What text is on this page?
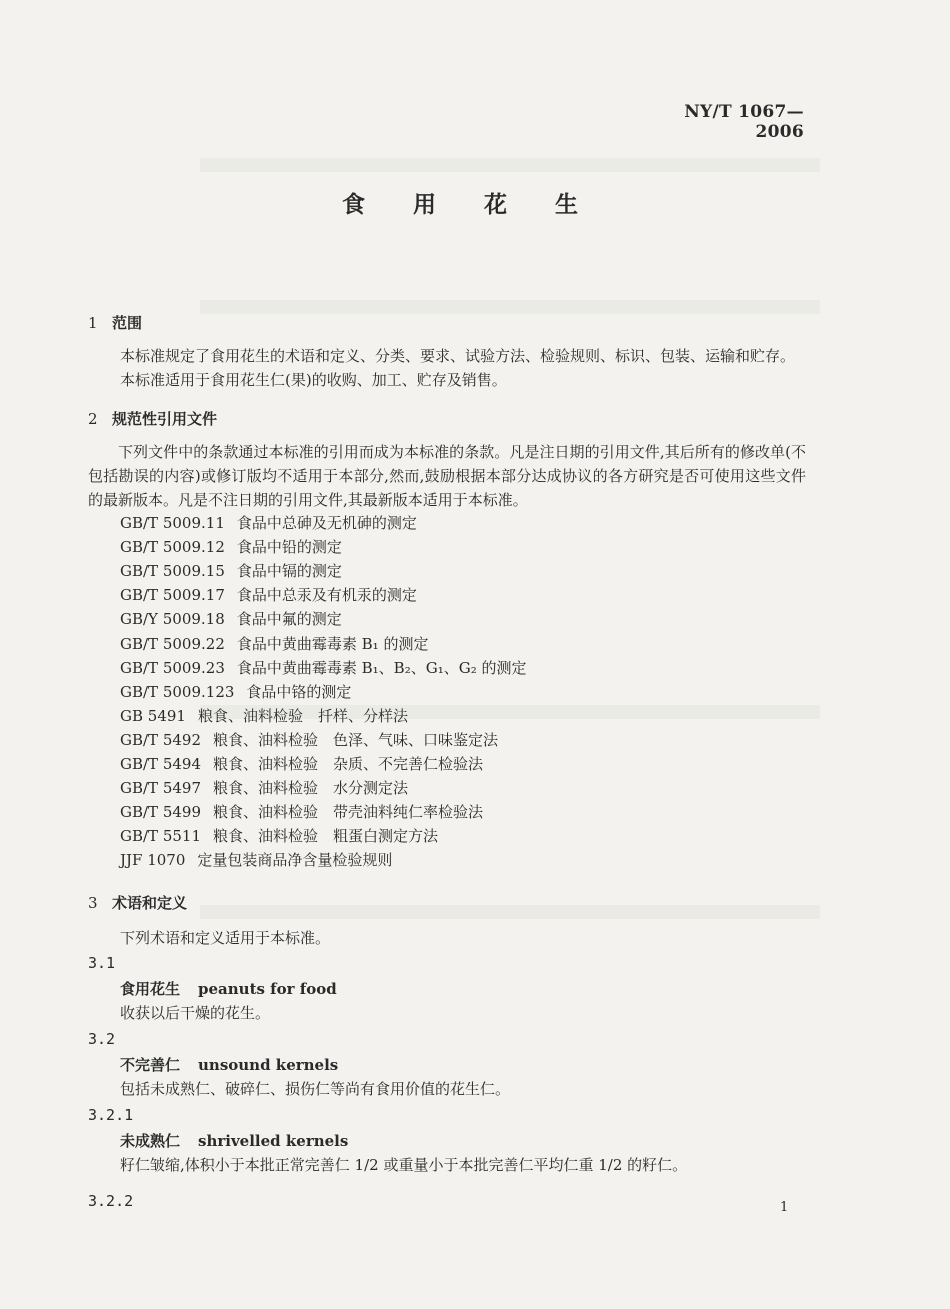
NY/T 1067—2006
食 用 花 生
1 范围
本标准规定了食用花生的术语和定义、分类、要求、试验方法、检验规则、标识、包装、运输和贮存。
本标准适用于食用花生仁(果)的收购、加工、贮存及销售。
2 规范性引用文件
下列文件中的条款通过本标准的引用而成为本标准的条款。凡是注日期的引用文件,其后所有的修改单(不包括勘误的内容)或修订版均不适用于本部分,然而,鼓励根据本部分达成协议的各方研究是否可使用这些文件的最新版本。凡是不注日期的引用文件,其最新版本适用于本标准。
GB/T 5009.11 食品中总砷及无机砷的测定
GB/T 5009.12 食品中铅的测定
GB/T 5009.15 食品中镉的测定
GB/T 5009.17 食品中总汞及有机汞的测定
GB/Y 5009.18 食品中氟的测定
GB/T 5009.22 食品中黄曲霉毒素 B₁ 的测定
GB/T 5009.23 食品中黄曲霉毒素 B₁、B₂、G₁、G₂ 的测定
GB/T 5009.123 食品中铬的测定
GB 5491 粮食、油料检验　扦样、分样法
GB/T 5492 粮食、油料检验　色泽、气味、口味鉴定法
GB/T 5494 粮食、油料检验　杂质、不完善仁检验法
GB/T 5497 粮食、油料检验　水分测定法
GB/T 5499 粮食、油料检验　带壳油料纯仁率检验法
GB/T 5511 粮食、油料检验　粗蛋白测定方法
JJF 1070 定量包装商品净含量检验规则
3 术语和定义
下列术语和定义适用于本标准。
3.1
食用花生 peanuts for food
收获以后干燥的花生。
3.2
不完善仁 unsound kernels
包括未成熟仁、破碎仁、损伤仁等尚有食用价值的花生仁。
3.2.1
未成熟仁 shrivelled kernels
籽仁皱缩,体积小于本批正常完善仁 1/2 或重量小于本批完善仁平均仁重 1/2 的籽仁。
3.2.2	1
